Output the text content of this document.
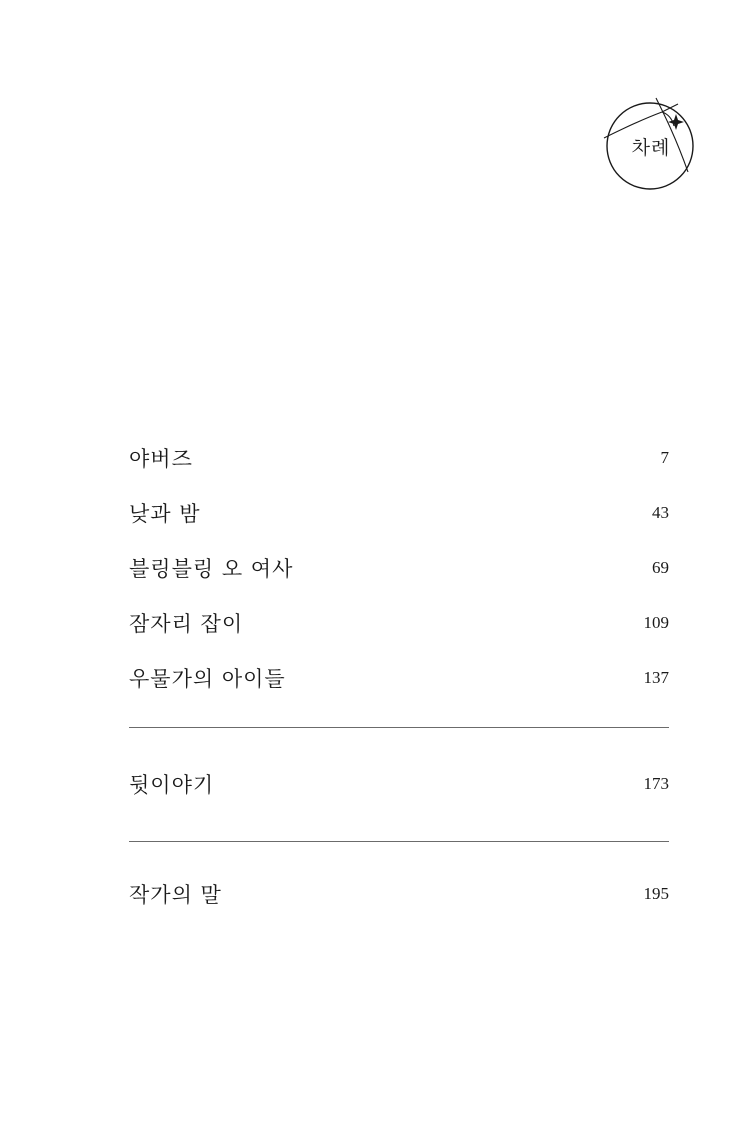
차례
야버즈	7
낮과 밤	43
블링블링 오 여사	69
잠자리 잡이	109
우물가의 아이들	137
뒷이야기	173
작가의 말	195
